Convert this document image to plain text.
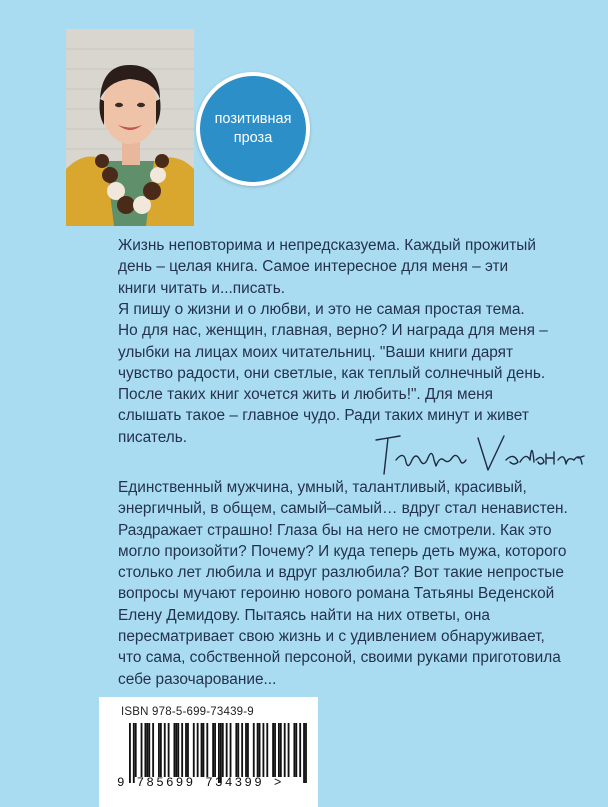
позитивная
проза

Жизнь неповторима и непредсказуема. Каждый прожитый день – целая книга. Самое интересное для меня – эти книги читать и...писать.

Я пишу о жизни и о любви, и это не самая простая тема. Но для нас, женщин, главная, верно? И награда для меня – улыбки на лицах моих читательниц. "Ваши книги дарят чувство радости, они светлые, как теплый солнечный день. После таких книг хочется жить и любить!". Для меня слышать такое – главное чудо. Ради таких минут и живет писатель.

Единственный мужчина, умный, талантливый, красивый, энергичный, в общем, самый–самый… вдруг стал ненавистен. Раздражает страшно! Глаза бы на него не смотрели. Как это могло произойти? Почему? И куда теперь деть мужа, которого столько лет любила и вдруг разлюбила? Вот такие непростые вопросы мучают героиню нового романа Татьяны Веденской Елену Демидову. Пытаясь найти на них ответы, она пересматривает свою жизнь и с удивлением обнаруживает, что сама, собственной персоной, своими руками приготовила себе разочарование...

ISBN 978-5-699-73439-9
9 785699 734399 >
